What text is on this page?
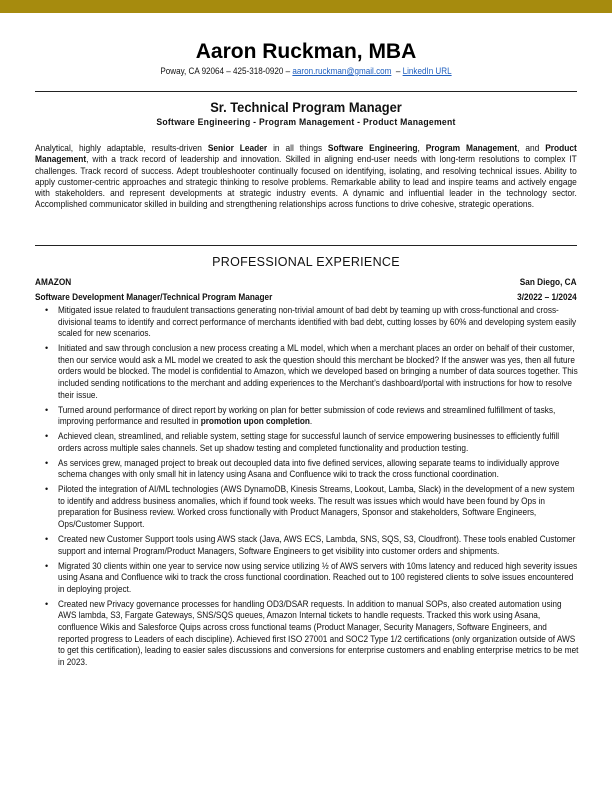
Aaron Ruckman, MBA
Poway, CA 92064 – 425-318-0920 – aaron.ruckman@gmail.com  – LinkedIn URL
Sr. Technical Program Manager
Software Engineering - Program Management - Product Management
Analytical, highly adaptable, results-driven Senior Leader in all things Software Engineering, Program Management, and Product Management, with a track record of leadership and innovation. Skilled in aligning end-user needs with long-term resolutions to complex IT challenges. Track record of success. Adept troubleshooter continually focused on identifying, isolating, and resolving technical issues. Ability to apply customer-centric approaches and strategic thinking to resolve problems. Remarkable ability to lead and inspire teams and actively engage with stakeholders. and represent developments at strategic industry events. A dynamic and influential leader in the technology sector. Accomplished communicator skilled in building and strengthening relationships across functions to drive cohesive, strategic operations.
PROFESSIONAL EXPERIENCE
AMAZON	San Diego, CA
Software Development Manager/Technical Program Manager	3/2022 – 1/2024
• Mitigated issue related to fraudulent transactions generating non-trivial amount of bad debt by teaming up with cross-functional and cross-divisional teams to identify and correct performance of merchants identified with bad debt, cutting losses by 60% and developing system easily scaled for new scenarios.
• Initiated and saw through conclusion a new process creating a ML model, which when a merchant places an order on behalf of their customer, then our service would ask a ML model we created to ask the question should this merchant be blocked? If the answer was yes, then all future orders would be blocked. The model is confidential to Amazon, which we developed based on bringing a number of data sources together. This included sending notifications to the merchant and adding experiences to the Merchant’s dashboard/portal with instructions for how to resolve their issue.
• Turned around performance of direct report by working on plan for better submission of code reviews and streamlined fulfillment of tasks, improving performance and resulted in promotion upon completion.
• Achieved clean, streamlined, and reliable system, setting stage for successful launch of service empowering businesses to efficiently fulfill orders across multiple sales channels. Set up shadow testing and completed functionality and production testing.
• As services grew, managed project to break out decoupled data into five defined services, allowing separate teams to individually approve schema changes with only small hit in latency using Asana and Confluence wiki to track the cross functional coordination.
• Piloted the integration of AI/ML technologies (AWS DynamoDB, Kinesis Streams, Lookout, Lamba, Slack) in the development of a new system to identify and address business anomalies, which if found took weeks. The result was issues which would have been found by Ops in preparation for Business review. Worked cross functionally with Product Managers, Sponsor and stakeholders, Software Engineers, Ops/Customer Support.
• Created new Customer Support tools using AWS stack (Java, AWS ECS, Lambda, SNS, SQS, S3, Cloudfront). These tools enabled Customer support and internal Program/Product Managers, Software Engineers to get visibility into customer orders and shipments.
• Migrated 30 clients within one year to service now using service utilizing ½ of AWS servers with 10ms latency and reduced high severity issues using Asana and Confluence wiki to track the cross functional coordination. Reached out to 100 registered clients to solve issues encountered in deploying project.
• Created new Privacy governance processes for handling OD3/DSAR requests. In addition to manual SOPs, also created automation using AWS lambda, S3, Fargate Gateways, SNS/SQS queues, Amazon Internal tickets to handle requests. Tracked this work using Asana, confluence Wikis and Salesforce Quips across cross functional teams (Product Manager, Security Managers, Software Engineers, and reported progress to Leaders of each discipline). Achieved first ISO 27001 and SOC2 Type 1/2 certifications (only organization outside of AWS to get this certification), leading to easier sales discussions and conversions for enterprise customers and enabling enterprise metrics to be met in 2023.
